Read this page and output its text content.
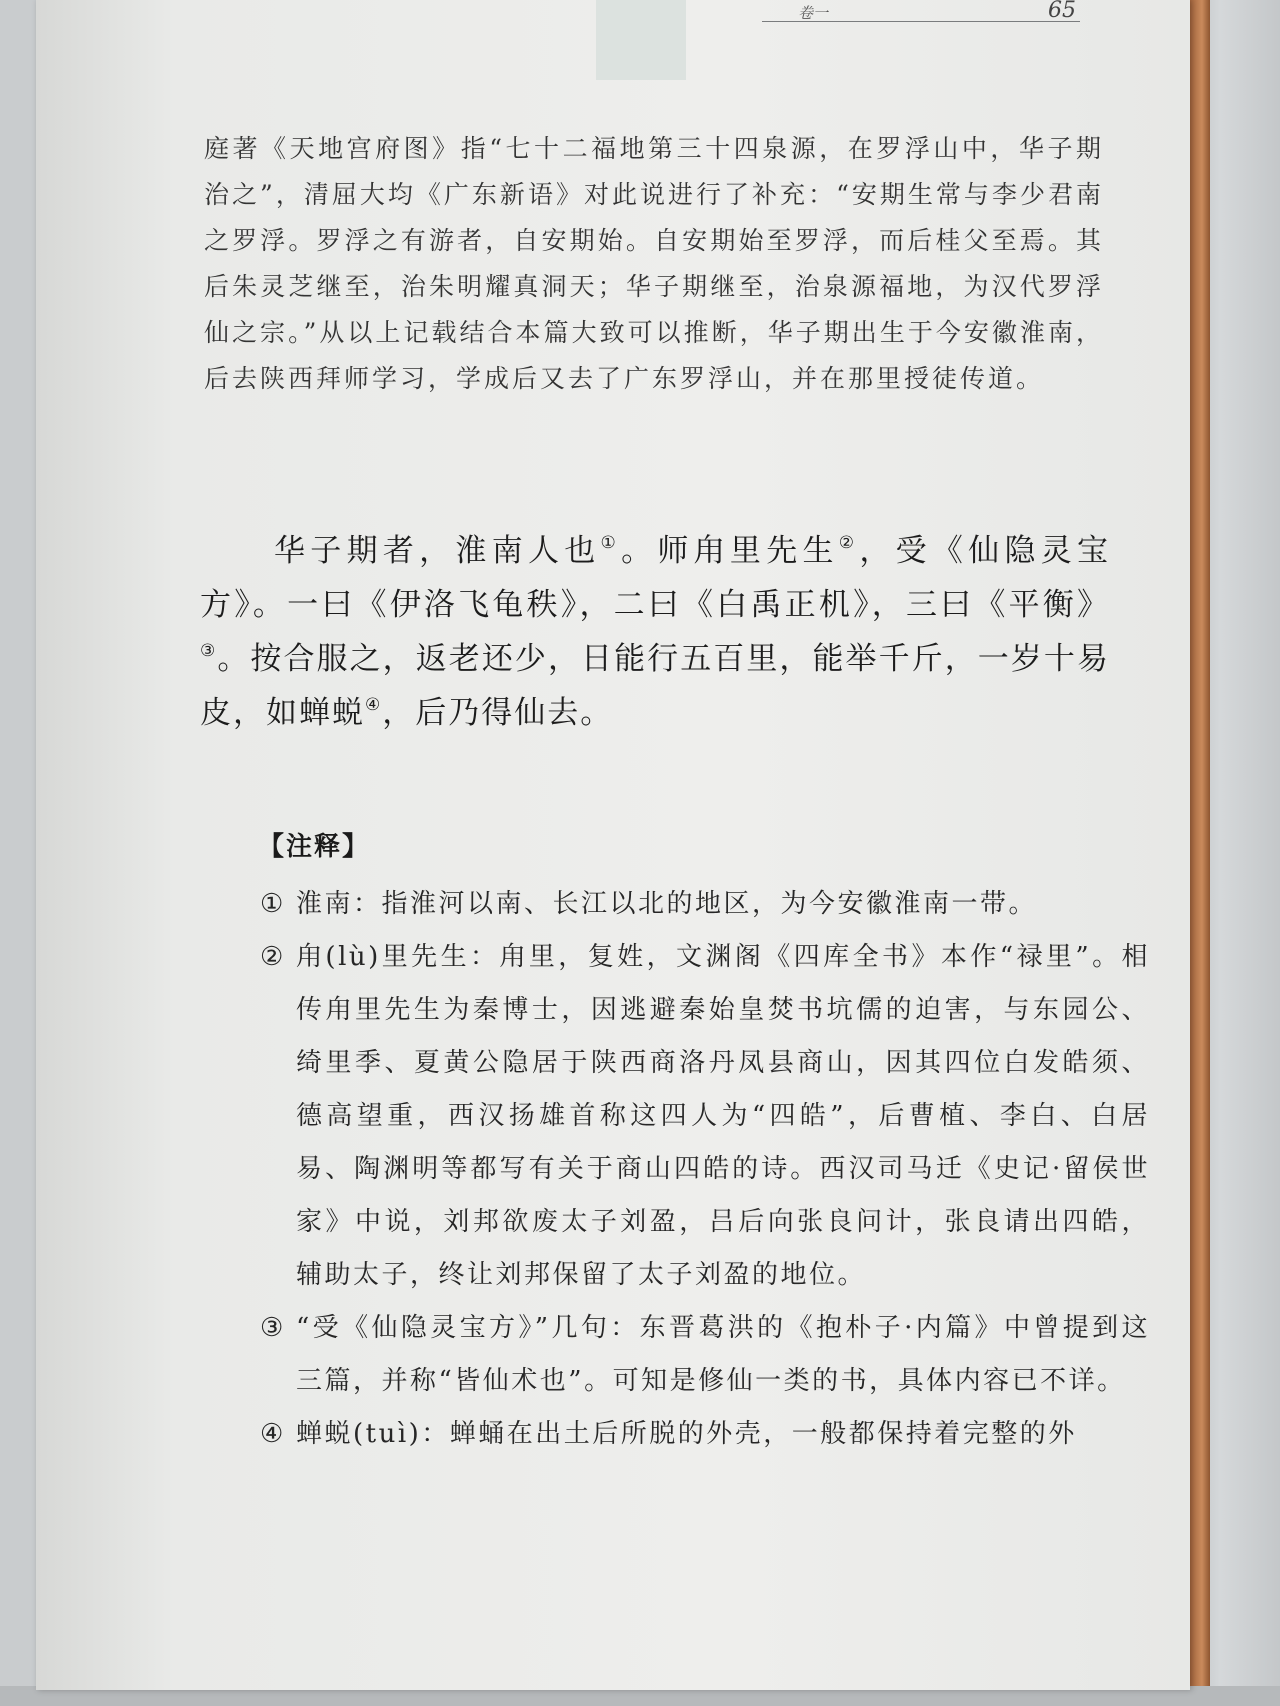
卷一	65

庭著《天地宫府图》指“七十二福地第三十四泉源，在罗浮山中，华子期治之”，清屈大均《广东新语》对此说进行了补充：“安期生常与李少君南之罗浮。罗浮之有游者，自安期始。自安期始至罗浮，而后桂父至焉。其后朱灵芝继至，治朱明耀真洞天；华子期继至，治泉源福地，为汉代罗浮仙之宗。”从以上记载结合本篇大致可以推断，华子期出生于今安徽淮南，后去陕西拜师学习，学成后又去了广东罗浮山，并在那里授徒传道。

华子期者，淮南人也①。师甪里先生②，受《仙隐灵宝方》。一曰《伊洛飞龟秩》，二曰《白禹正机》，三曰《平衡》③。按合服之，返老还少，日能行五百里，能举千斤，一岁十易皮，如蝉蜕④，后乃得仙去。

【注释】

① 淮南：指淮河以南、长江以北的地区，为今安徽淮南一带。

② 甪(lù)里先生：甪里，复姓，文渊阁《四库全书》本作“禄里”。相传甪里先生为秦博士，因逃避秦始皇焚书坑儒的迫害，与东园公、绮里季、夏黄公隐居于陕西商洛丹凤县商山，因其四位白发皓须、德高望重，西汉扬雄首称这四人为“四皓”，后曹植、李白、白居易、陶渊明等都写有关于商山四皓的诗。西汉司马迁《史记·留侯世家》中说，刘邦欲废太子刘盈，吕后向张良问计，张良请出四皓，辅助太子，终让刘邦保留了太子刘盈的地位。

③ “受《仙隐灵宝方》”几句：东晋葛洪的《抱朴子·内篇》中曾提到这三篇，并称“皆仙术也”。可知是修仙一类的书，具体内容已不详。

④ 蝉蜕(tuì)：蝉蛹在出土后所脱的外壳，一般都保持着完整的外
